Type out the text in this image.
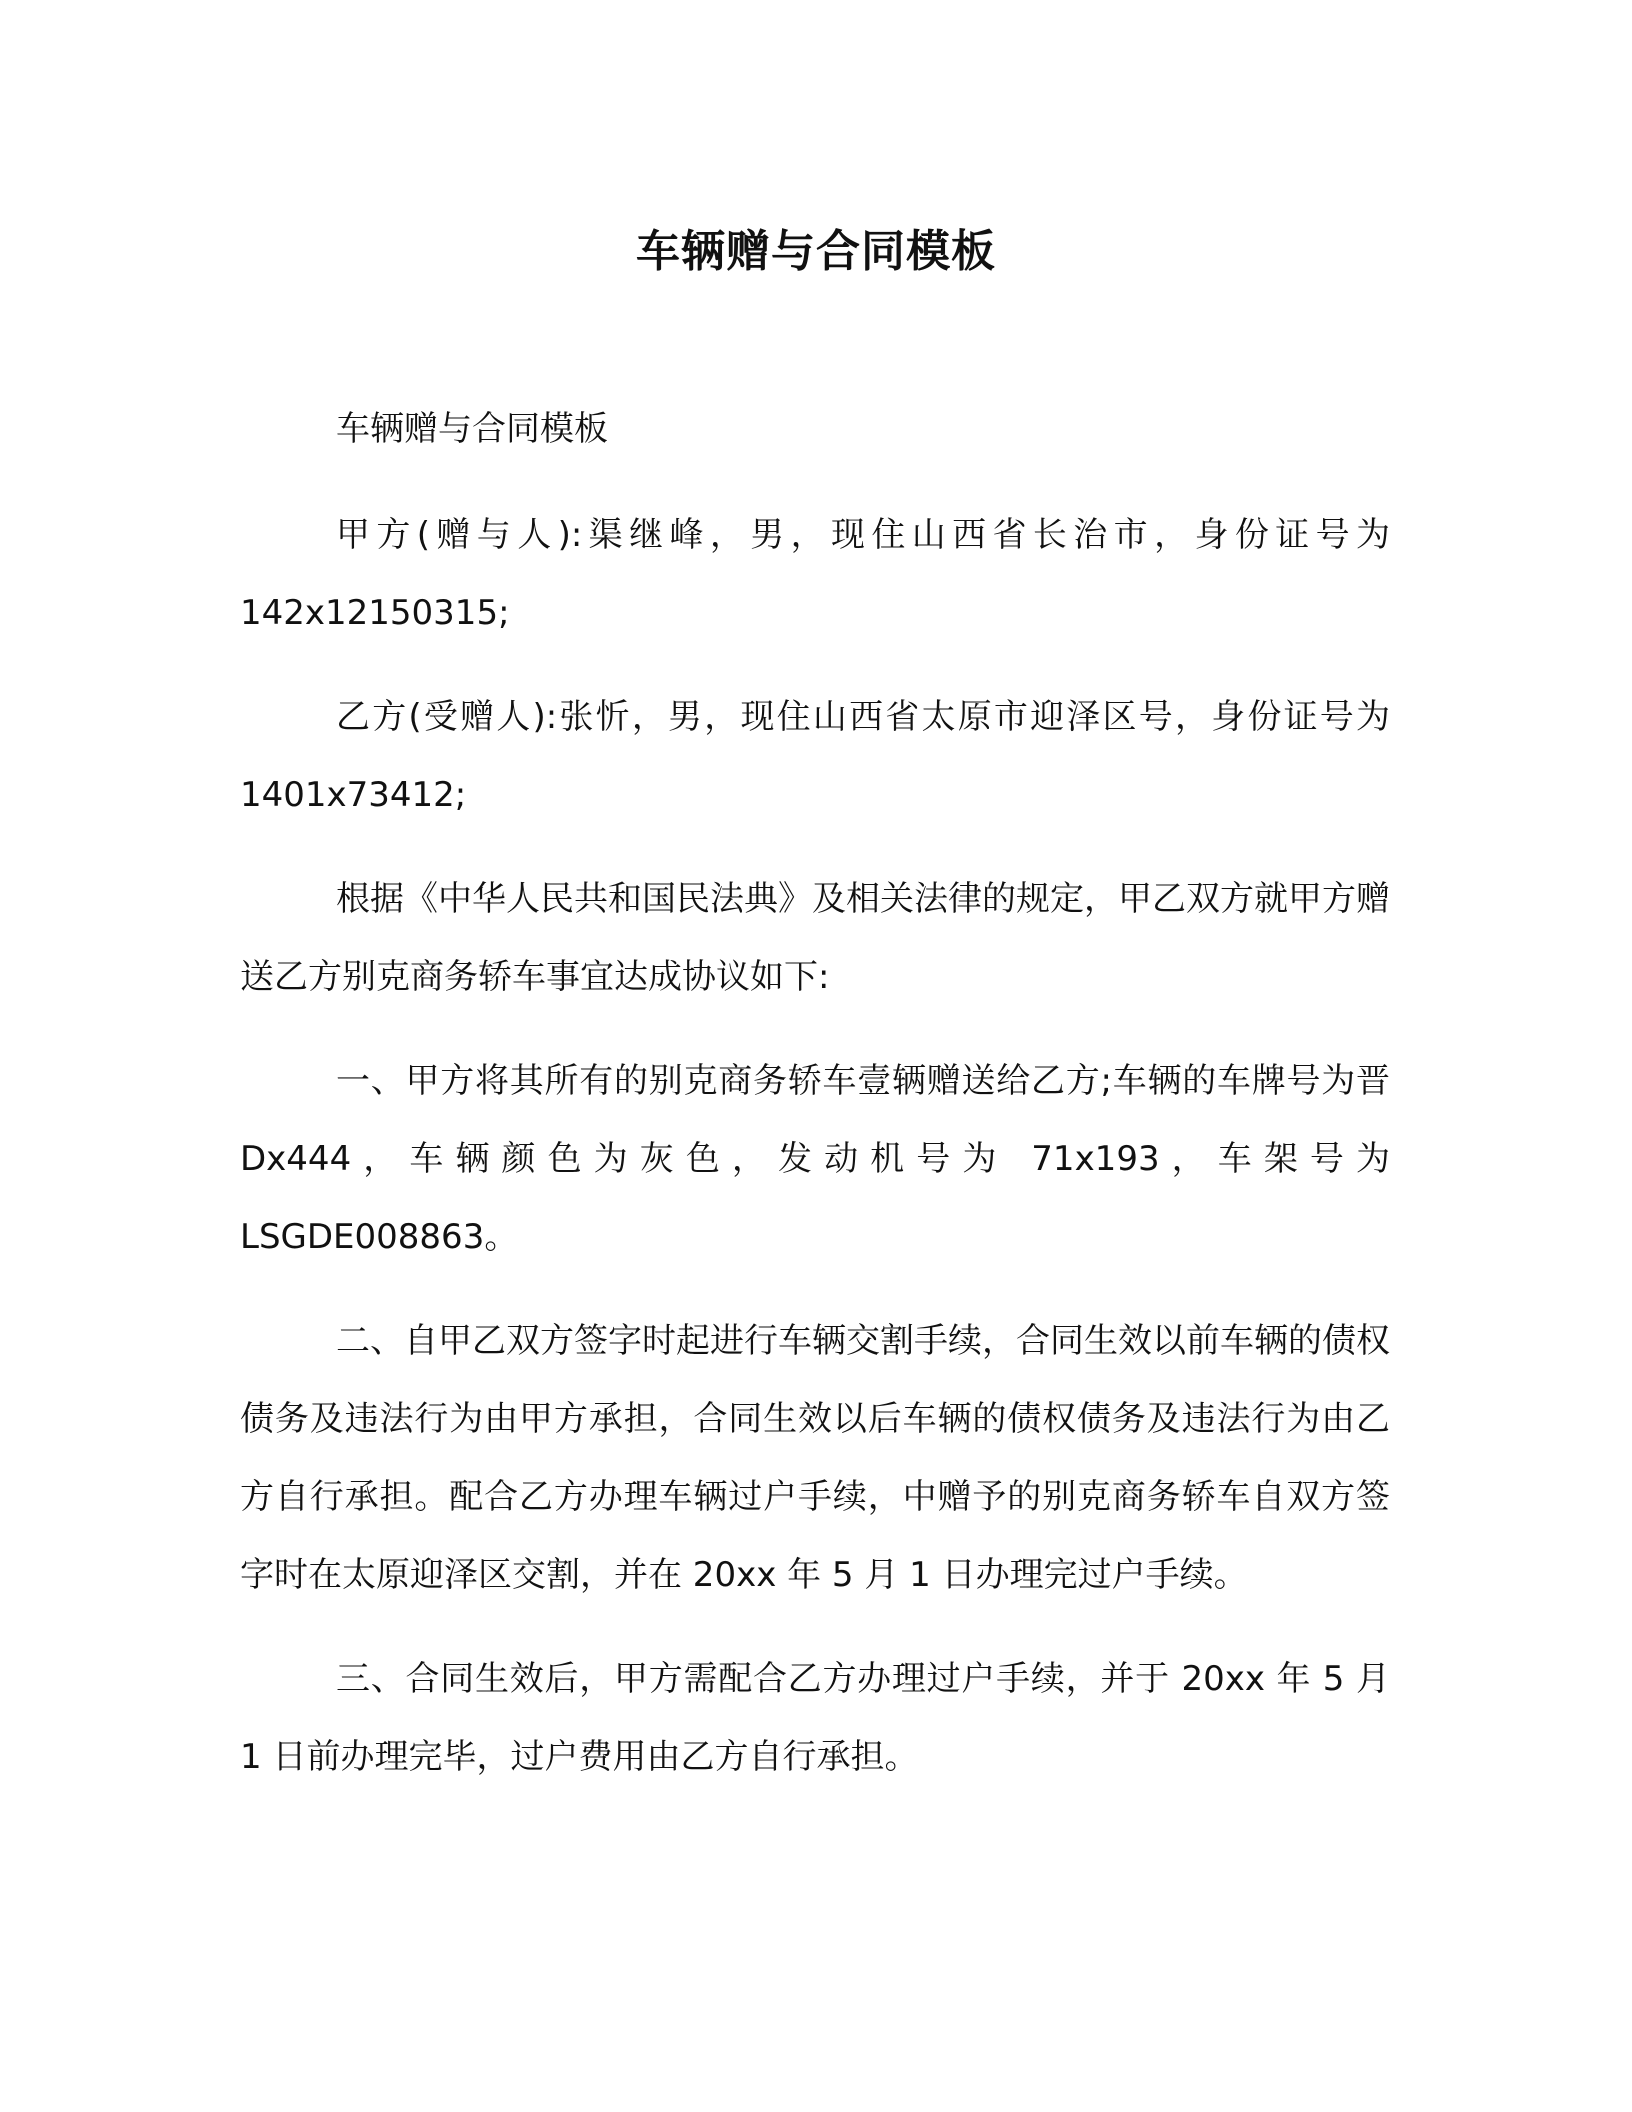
车辆赠与合同模板

车辆赠与合同模板

甲方(赠与人):渠继峰，男，现住山西省长治市，身份证号为 142x12150315;

乙方(受赠人):张忻，男，现住山西省太原市迎泽区号，身份证号为 1401x73412;

根据《中华人民共和国民法典》及相关法律的规定，甲乙双方就甲方赠送乙方别克商务轿车事宜达成协议如下:

一、甲方将其所有的别克商务轿车壹辆赠送给乙方;车辆的车牌号为晋 Dx444，车辆颜色为灰色，发动机号为 71x193，车架号为 LSGDE008863。

二、自甲乙双方签字时起进行车辆交割手续，合同生效以前车辆的债权债务及违法行为由甲方承担，合同生效以后车辆的债权债务及违法行为由乙方自行承担。配合乙方办理车辆过户手续，中赠予的别克商务轿车自双方签字时在太原迎泽区交割，并在 20xx 年 5 月 1 日办理完过户手续。

三、合同生效后，甲方需配合乙方办理过户手续，并于 20xx 年 5 月 1 日前办理完毕，过户费用由乙方自行承担。
